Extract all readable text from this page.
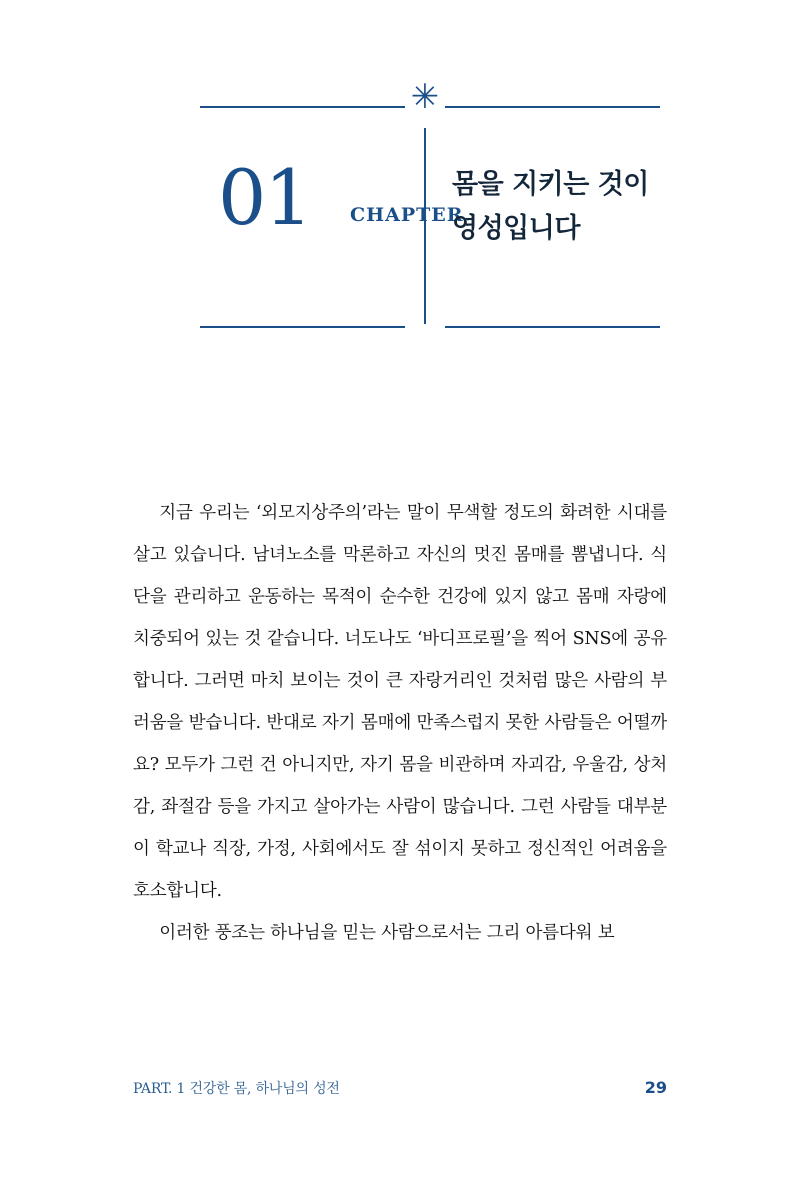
✳
01 CHAPTER
몸을 지키는 것이
영성입니다

지금 우리는 ‘외모지상주의’라는 말이 무색할 정도의 화려한 시대를 살고 있습니다. 남녀노소를 막론하고 자신의 멋진 몸매를 뽐냅니다. 식단을 관리하고 운동하는 목적이 순수한 건강에 있지 않고 몸매 자랑에 치중되어 있는 것 같습니다. 너도나도 ‘바디프로필’을 찍어 SNS에 공유합니다. 그러면 마치 보이는 것이 큰 자랑거리인 것처럼 많은 사람의 부러움을 받습니다. 반대로 자기 몸매에 만족스럽지 못한 사람들은 어떨까요? 모두가 그런 건 아니지만, 자기 몸을 비관하며 자괴감, 우울감, 상처감, 좌절감 등을 가지고 살아가는 사람이 많습니다. 그런 사람들 대부분이 학교나 직장, 가정, 사회에서도 잘 섞이지 못하고 정신적인 어려움을 호소합니다.

이러한 풍조는 하나님을 믿는 사람으로서는 그리 아름다워 보

PART. 1 건강한 몸, 하나님의 성전	29
